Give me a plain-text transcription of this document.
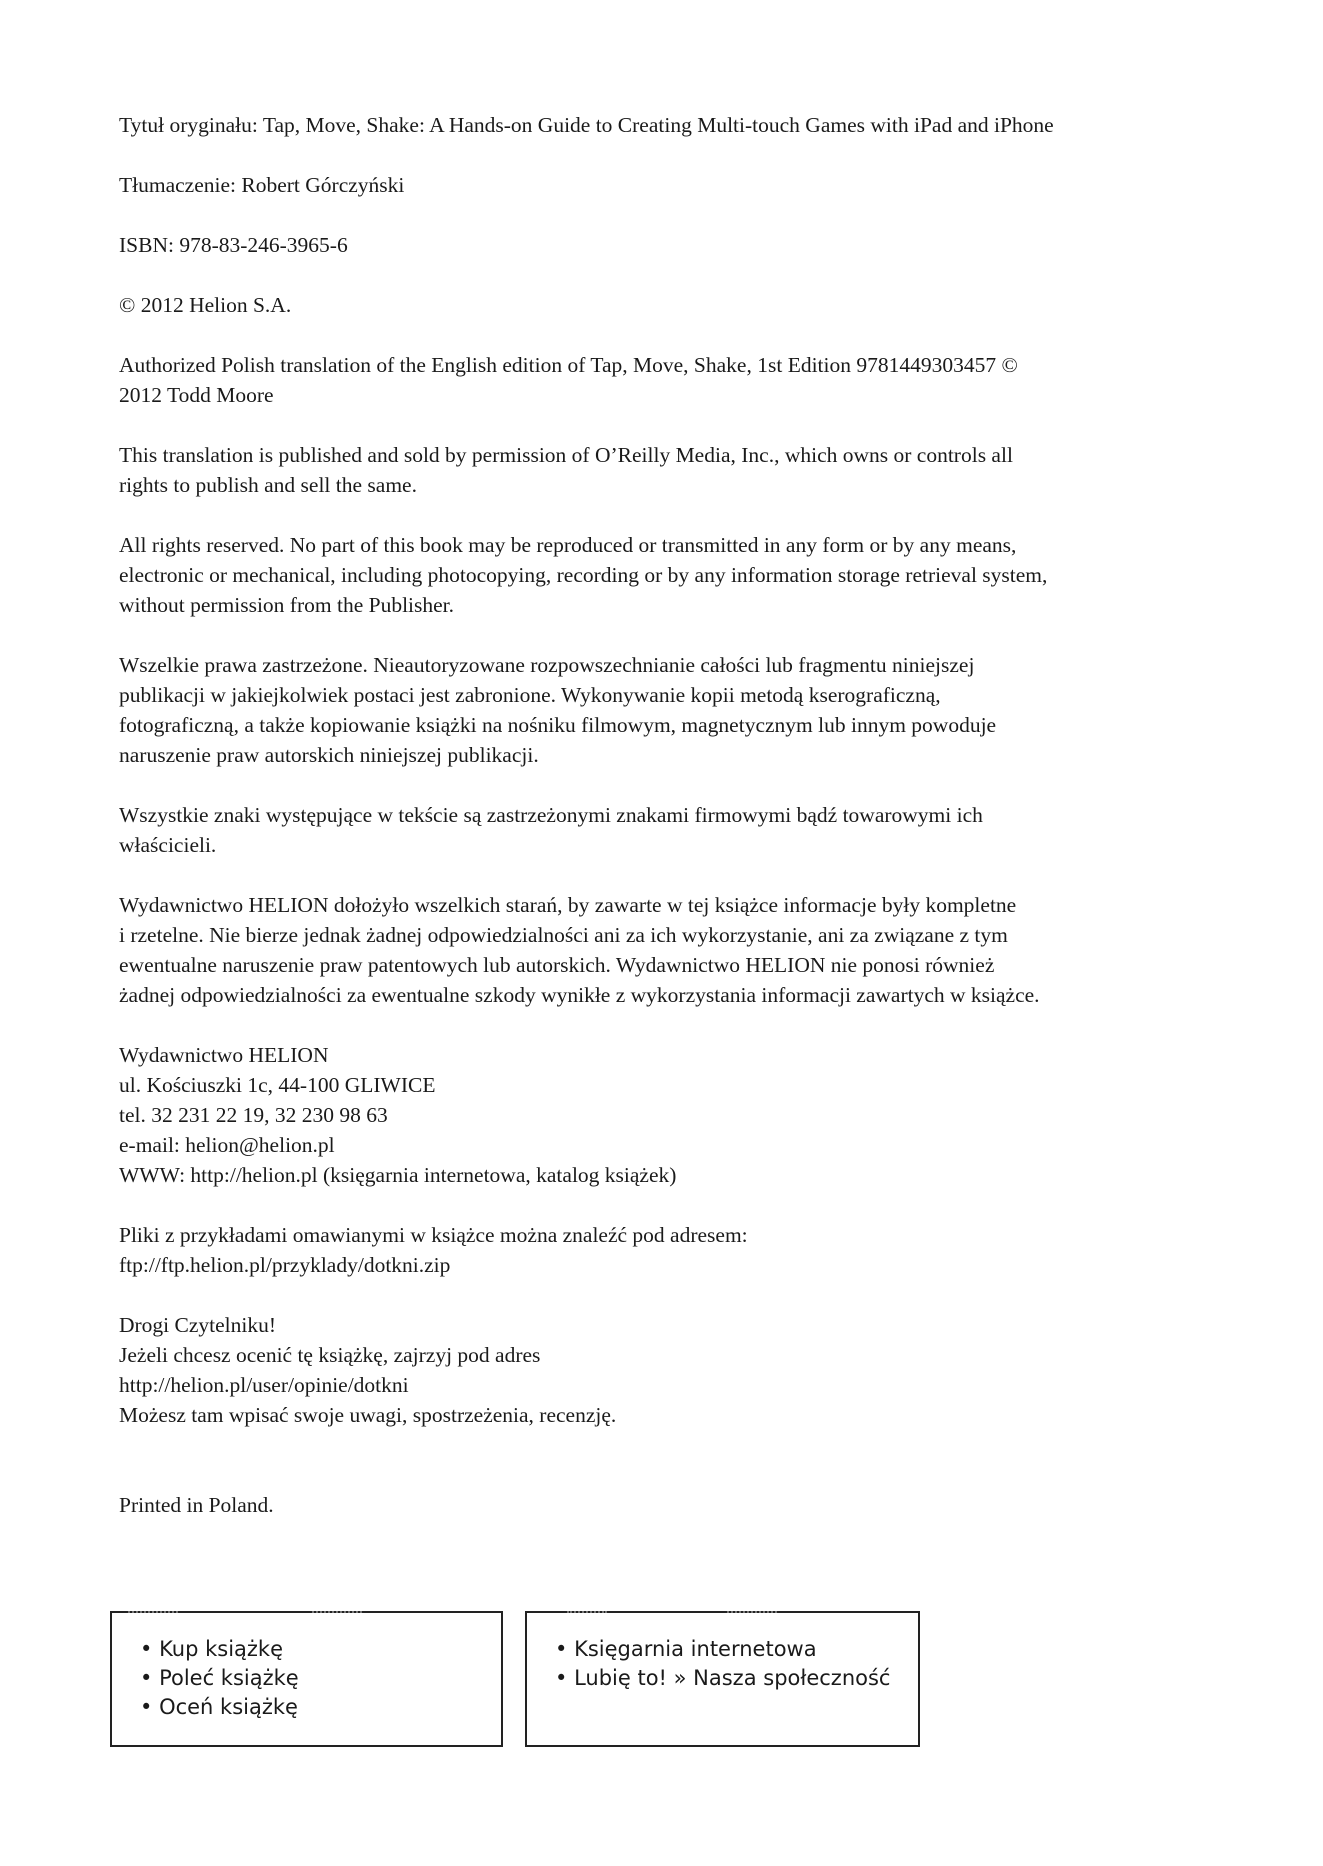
Tytuł oryginału: Tap, Move, Shake: A Hands-on Guide to Creating Multi-touch Games with iPad and iPhone

Tłumaczenie: Robert Górczyński

ISBN: 978-83-246-3965-6

© 2012 Helion S.A.

Authorized Polish translation of the English edition of Tap, Move, Shake, 1st Edition 9781449303457 ©
2012 Todd Moore

This translation is published and sold by permission of O’Reilly Media, Inc., which owns or controls all
rights to publish and sell the same.

All rights reserved. No part of this book may be reproduced or transmitted in any form or by any means,
electronic or mechanical, including photocopying, recording or by any information storage retrieval system,
without permission from the Publisher.

Wszelkie prawa zastrzeżone. Nieautoryzowane rozpowszechnianie całości lub fragmentu niniejszej
publikacji w jakiejkolwiek postaci jest zabronione. Wykonywanie kopii metodą kserograficzną,
fotograficzną, a także kopiowanie książki na nośniku filmowym, magnetycznym lub innym powoduje
naruszenie praw autorskich niniejszej publikacji.

Wszystkie znaki występujące w tekście są zastrzeżonymi znakami firmowymi bądź towarowymi ich
właścicieli.

Wydawnictwo HELION dołożyło wszelkich starań, by zawarte w tej książce informacje były kompletne
i rzetelne. Nie bierze jednak żadnej odpowiedzialności ani za ich wykorzystanie, ani za związane z tym
ewentualne naruszenie praw patentowych lub autorskich. Wydawnictwo HELION nie ponosi również
żadnej odpowiedzialności za ewentualne szkody wynikłe z wykorzystania informacji zawartych w książce.

Wydawnictwo HELION
ul. Kościuszki 1c, 44-100 GLIWICE
tel. 32 231 22 19, 32 230 98 63
e-mail: helion@helion.pl
WWW: http://helion.pl (księgarnia internetowa, katalog książek)

Pliki z przykładami omawianymi w książce można znaleźć pod adresem:
ftp://ftp.helion.pl/przyklady/dotkni.zip

Drogi Czytelniku!
Jeżeli chcesz ocenić tę książkę, zajrzyj pod adres
http://helion.pl/user/opinie/dotkni
Możesz tam wpisać swoje uwagi, spostrzeżenia, recenzję.

Printed in Poland.

• Kup książkę
• Poleć książkę
• Oceń książkę
• Księgarnia internetowa
• Lubię to! » Nasza społeczność
